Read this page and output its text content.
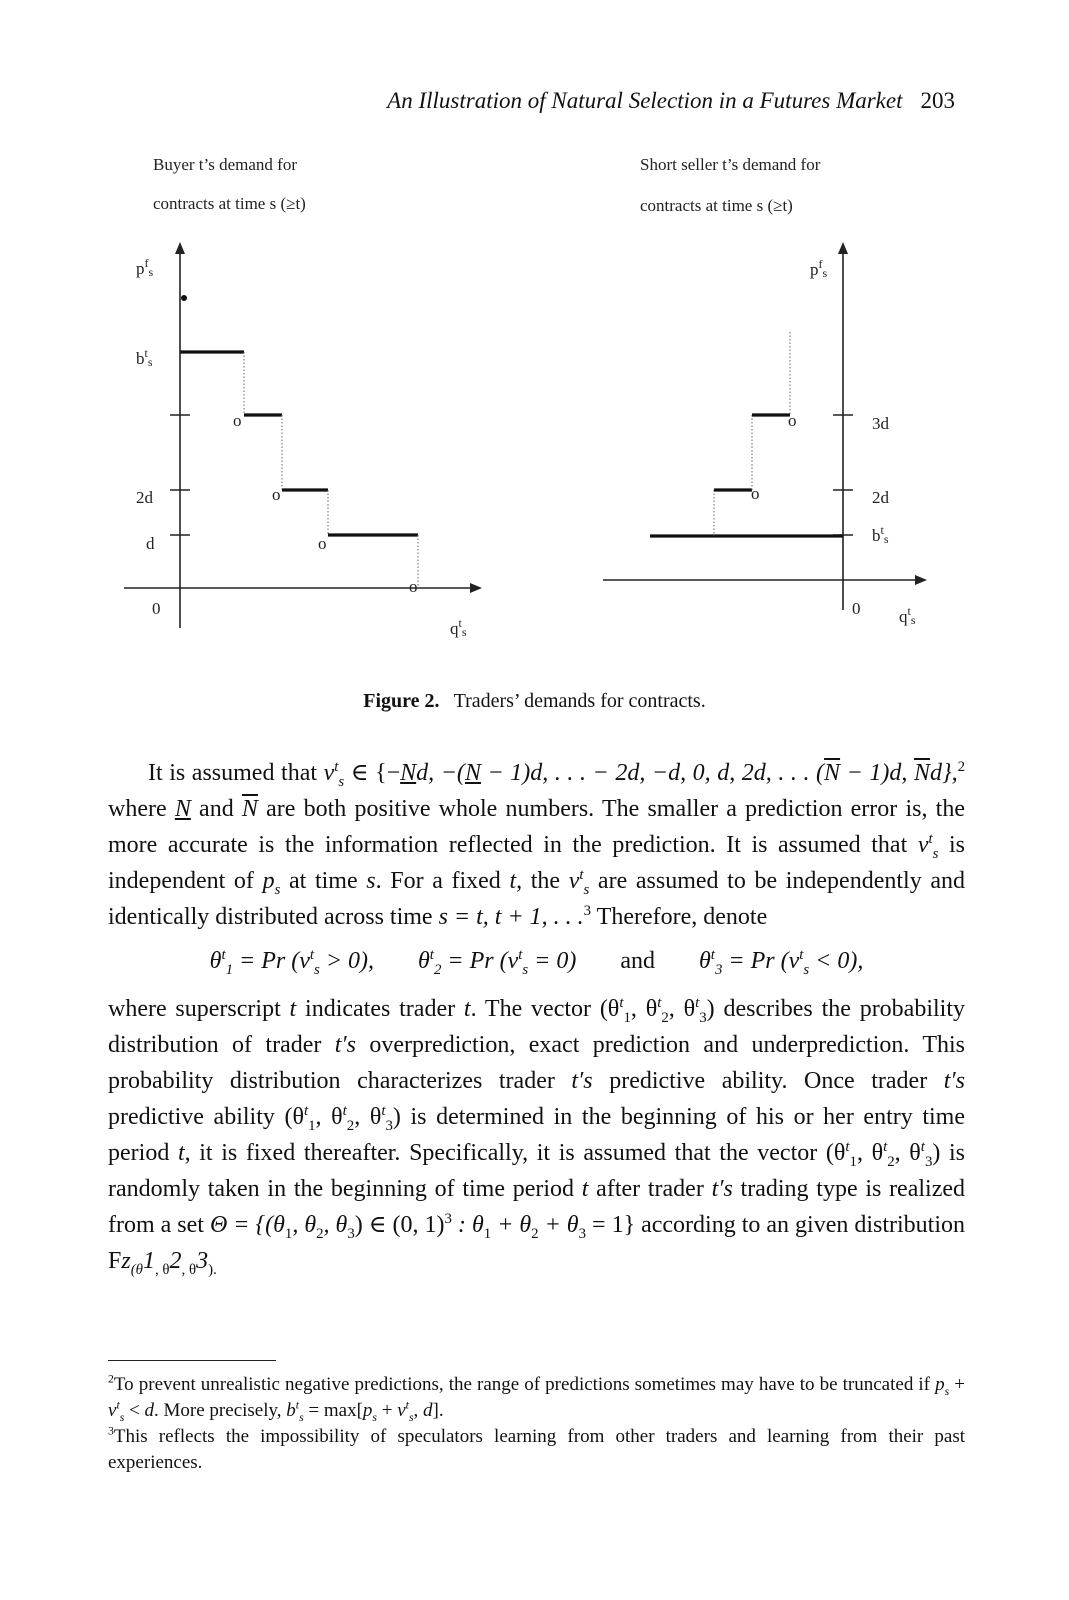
An Illustration of Natural Selection in a Futures Market 203
Buyer t’s demand for
contracts at time s (≥t)
Short seller t’s demand for
contracts at time s (≥t)
$p^f_s$
$b^t_s$
2d
d
0
$q^t_s$
o
o
o
o
$p^f_s$
3d
2d
$b^t_s$
0 $q^t_s$
o
o
Figure 2. Traders’ demands for contracts.

It is assumed that $v^t_s$ ∈ {−Nd, −(N − 1)d, . . . − 2d, −d, 0, d, 2d, . . . $(\overline{N} - 1)d$, $\overline{N}d\},^2$ where N and $\overline{N}$ are both positive whole numbers. The smaller a prediction error is, the more accurate is the information reflected in the prediction. It is assumed that $v^t_s$ is independent of $p_s$ at time s. For a fixed t, the $v^t_s$ are assumed to be independently and identically distributed across time s = t, t + 1, . . .$^3$ Therefore, denote

$\theta^t_1 = Pr$ $(v^t_s > 0)$, $\theta^t_2 = Pr$ $(v^t_s = 0)$ and $\theta^t_3 = Pr$ $(v^t_s < 0)$,

where superscript t indicates trader t. The vector ($\theta^t_1$, $\theta^t_2$, $\theta^t_3$) describes the probability distribution of trader t′s overprediction, exact prediction and underprediction. This probability distribution characterizes trader t′s predictive ability. Once trader t′s predictive ability ($\theta^t_1$, $\theta^t_2$, $\theta^t_3$) is determined in the beginning of his or her entry time period t, it is fixed thereafter. Specifically, it is assumed that the vector ($\theta^t_1$, $\theta^t_2$, $\theta^t_3$) is randomly taken in the beginning of time period t after trader t′s trading type is realized from a set $\Theta = \{(\theta_1$, $\theta_2$, $\theta_3$) ∈ (0, 1)$^3$ : $\theta_1 + \theta_2 + \theta_3 = 1$} according to an given distribution $Fz_{(\theta}1_{, \theta}2_{, \theta}3_{).}$

$^2$To prevent unrealistic negative predictions, the range of predictions sometimes may have to be truncated if $p_s + v^t_s < d$. More precisely, $b^t_s = \max[p_s + v^t_s$, d].

$^3$This reflects the impossibility of speculators learning from other traders and learning from their past experiences.
